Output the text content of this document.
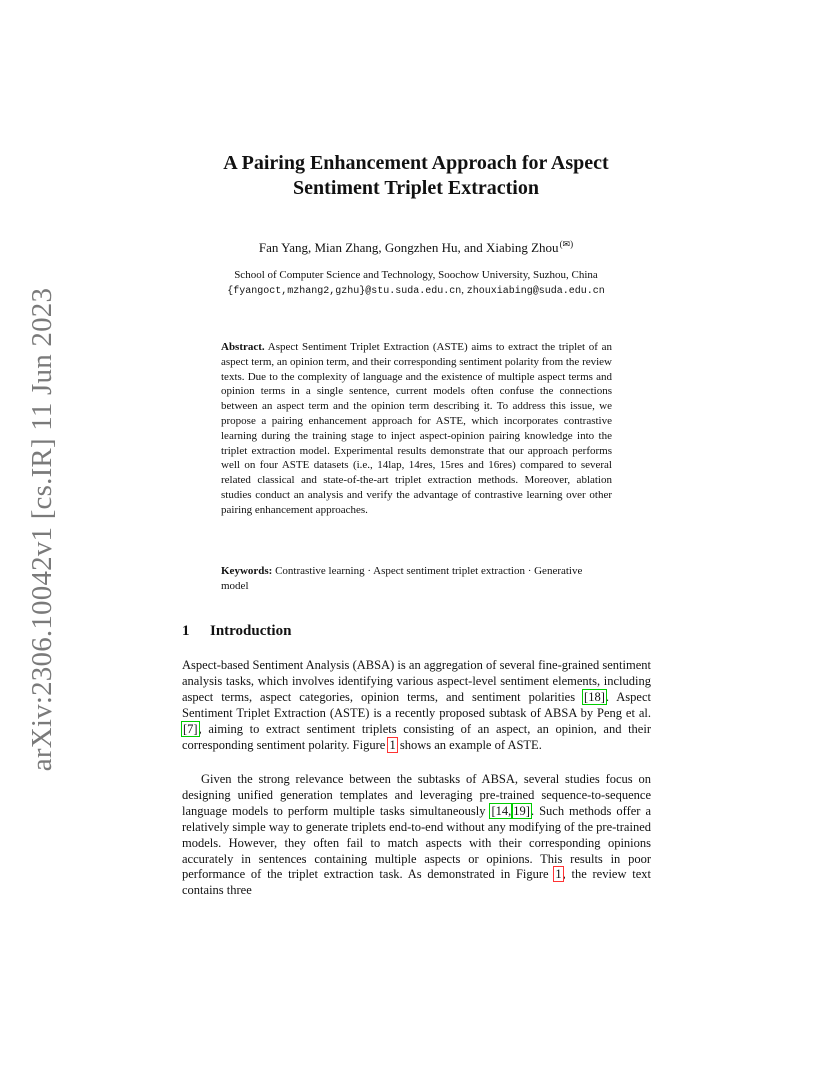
arXiv:2306.10042v1 [cs.IR] 11 Jun 2023
A Pairing Enhancement Approach for Aspect
Sentiment Triplet Extraction
Fan Yang, Mian Zhang, Gongzhen Hu, and Xiabing Zhou(✉)
School of Computer Science and Technology, Soochow University, Suzhou, China
{fyangoct,mzhang2,gzhu}@stu.suda.edu.cn, zhouxiabing@suda.edu.cn

Abstract. Aspect Sentiment Triplet Extraction (ASTE) aims to extract the triplet of an aspect term, an opinion term, and their corresponding sentiment polarity from the review texts. Due to the complexity of language and the existence of multiple aspect terms and opinion terms in a single sentence, current models often confuse the connections between an aspect term and the opinion term describing it. To address this issue, we propose a pairing enhancement approach for ASTE, which incorporates contrastive learning during the training stage to inject aspect-opinion pairing knowledge into the triplet extraction model. Experimental results demonstrate that our approach performs well on four ASTE datasets (i.e., 14lap, 14res, 15res and 16res) compared to several related classical and state-of-the-art triplet extraction methods. Moreover, ablation studies conduct an analysis and verify the advantage of contrastive learning over other pairing enhancement approaches.

Keywords: Contrastive learning · Aspect sentiment triplet extraction · Generative model

1 Introduction

Aspect-based Sentiment Analysis (ABSA) is an aggregation of several fine-grained sentiment analysis tasks, which involves identifying various aspect-level sentiment elements, including aspect terms, aspect categories, opinion terms, and sentiment polarities [18]. Aspect Sentiment Triplet Extraction (ASTE) is a recently proposed subtask of ABSA by Peng et al. [7], aiming to extract sentiment triplets consisting of an aspect, an opinion, and their corresponding sentiment polarity. Figure 1 shows an example of ASTE.

Given the strong relevance between the subtasks of ABSA, several studies focus on designing unified generation templates and leveraging pre-trained sequence-to-sequence language models to perform multiple tasks simultaneously [14, 19]. Such methods offer a relatively simple way to generate triplets end-to-end without any modifying of the pre-trained models. However, they often fail to match aspects with their corresponding opinions accurately in sentences containing multiple aspects or opinions. This results in poor performance of the triplet extraction task. As demonstrated in Figure 1, the review text contains three
